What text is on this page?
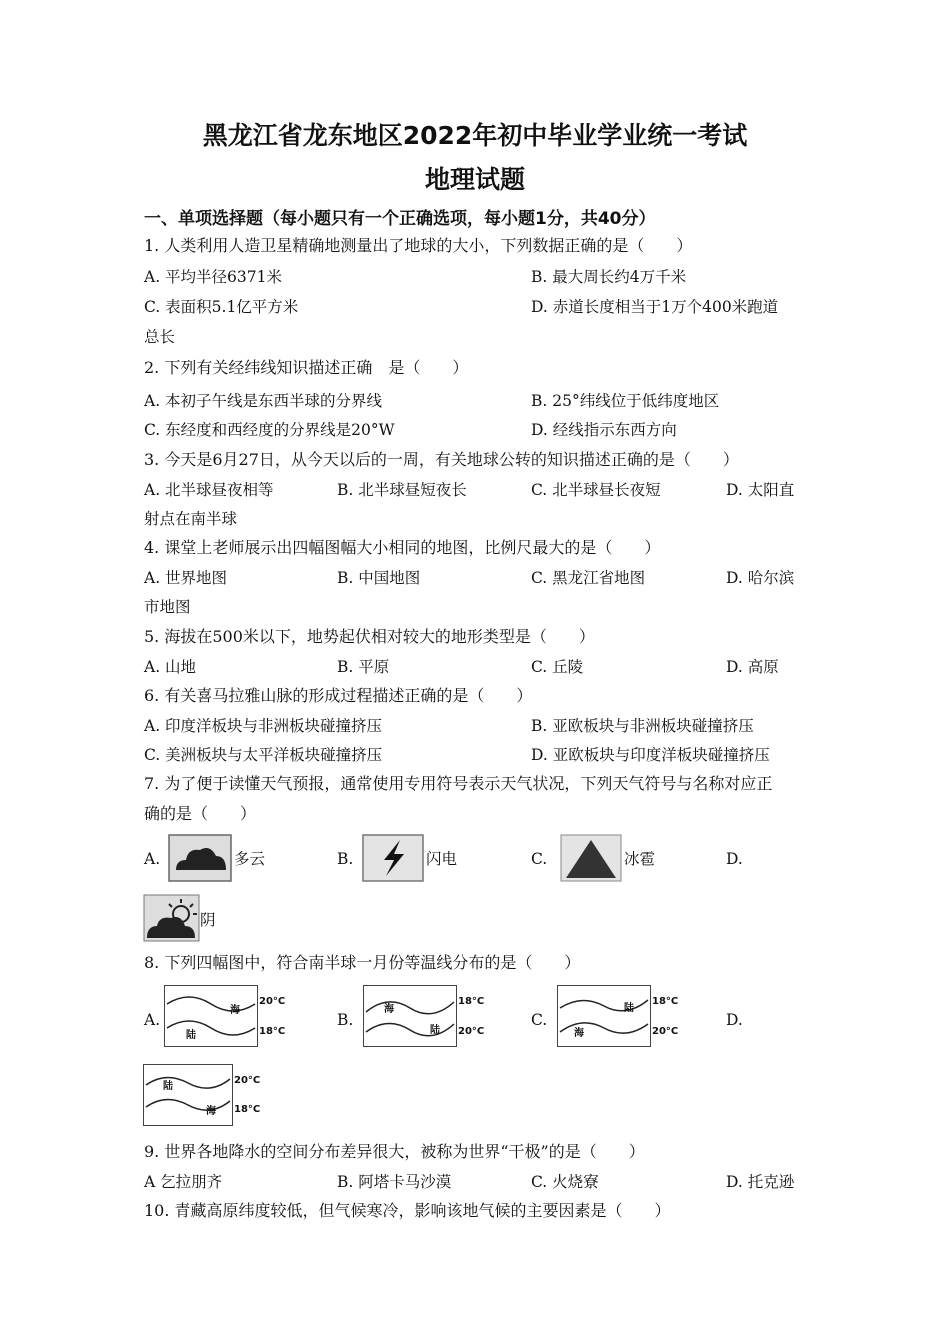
黑龙江省龙东地区2022年初中毕业学业统一考试
地理试题
一、单项选择题（每小题只有一个正确选项，每小题1分，共40分）
1. 人类利用人造卫星精确地测量出了地球的大小，下列数据正确的是（　　）
A. 平均半径6371米	B. 最大周长约4万千米
C. 表面积5.1亿平方米	D. 赤道长度相当于1万个400米跑道
总长
2. 下列有关经纬线知识描述正确　是（　　）
A. 本初子午线是东西半球的分界线	B. 25°纬线位于低纬度地区
C. 东经度和西经度的分界线是20°W	D. 经线指示东西方向
3. 今天是6月27日，从今天以后的一周，有关地球公转的知识描述正确的是（　　）
A. 北半球昼夜相等	B. 北半球昼短夜长	C. 北半球昼长夜短	D. 太阳直
射点在南半球
4. 课堂上老师展示出四幅图幅大小相同的地图，比例尺最大的是（　　）
A. 世界地图	B. 中国地图	C. 黑龙江省地图	D. 哈尔滨
市地图
5. 海拔在500米以下，地势起伏相对较大的地形类型是（　　）
A. 山地	B. 平原	C. 丘陵	D. 高原
6. 有关喜马拉雅山脉的形成过程描述正确的是（　　）
A. 印度洋板块与非洲板块碰撞挤压	B. 亚欧板块与非洲板块碰撞挤压
C. 美洲板块与太平洋板块碰撞挤压	D. 亚欧板块与印度洋板块碰撞挤压
7. 为了便于读懂天气预报，通常使用专用符号表示天气状况，下列天气符号与名称对应正
确的是（　　）
A.	多云	B.	闪电	C.	冰雹	D.
阴
8. 下列四幅图中，符合南半球一月份等温线分布的是（　　）
A.	B.	C.	D.
海
陆
20°C
18°C
海
陆
18°C
20°C
陆
海
18°C
20°C
陆
海
20°C
18°C
9. 世界各地降水的空间分布差异很大，被称为世界“干极”的是（　　）
A 乞拉朋齐	B. 阿塔卡马沙漠	C. 火烧寮	D. 托克逊
10. 青藏高原纬度较低，但气候寒冷，影响该地气候的主要因素是（　　）
